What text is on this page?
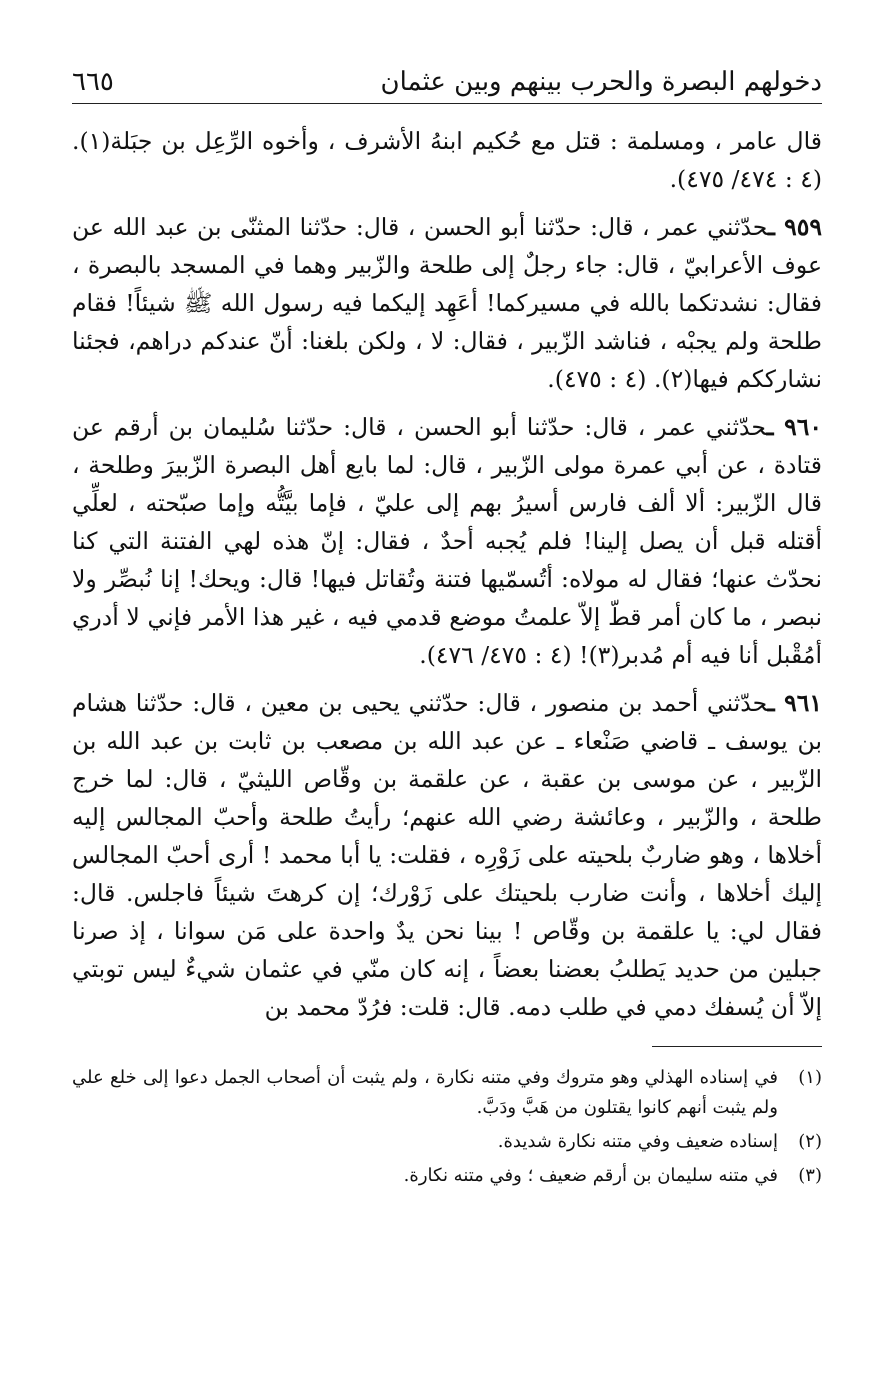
دخولهم البصرة والحرب بينهم وبين عثمان
٦٦٥

قال عامر ، ومسلمة : قتل مع حُكيم ابنهُ الأشرف ، وأخوه الرِّعِل بن جبَلة(١). (٤ : ٤٧٤/ ٤٧٥).

٩٥٩ ـحدّثني عمر ، قال: حدّثنا أبو الحسن ، قال: حدّثنا المثنّى بن عبد الله عن عوف الأعرابيّ ، قال: جاء رجلٌ إلى طلحة والزّبير وهما في المسجد بالبصرة ، فقال: نشدتكما بالله في مسيركما! أعَهِد إليكما فيه رسول الله ﷺ شيئاً! فقام طلحة ولم يجبْه ، فناشد الزّبير ، فقال: لا ، ولكن بلغنا: أنّ عندكم دراهم، فجئنا نشارككم فيها(٢). (٤ : ٤٧٥).

٩٦٠ ـحدّثني عمر ، قال: حدّثنا أبو الحسن ، قال: حدّثنا سُليمان بن أرقم عن قتادة ، عن أبي عمرة مولى الزّبير ، قال: لما بايع أهل البصرة الزّبيرَ وطلحة ، قال الزّبير: ألا ألف فارس أسيرُ بهم إلى عليّ ، فإما بيَّتُّه وإما صبّحته ، لعلِّي أقتله قبل أن يصل إلينا! فلم يُجبه أحدٌ ، فقال: إنّ هذه لهي الفتنة التي كنا نحدّث عنها؛ فقال له مولاه: أتُسمّيها فتنة وتُقاتل فيها! قال: ويحك! إنا نُبصِّر ولا نبصر ، ما كان أمر قطّ إلاّ علمتُ موضع قدمي فيه ، غير هذا الأمر فإني لا أدري أمُقْبل أنا فيه أم مُدبر(٣)! (٤ : ٤٧٥/ ٤٧٦).

٩٦١ ـحدّثني أحمد بن منصور ، قال: حدّثني يحيى بن معين ، قال: حدّثنا هشام بن يوسف ـ قاضي صَنْعاء ـ عن عبد الله بن مصعب بن ثابت بن عبد الله بن الزّبير ، عن موسى بن عقبة ، عن علقمة بن وقّاص الليثيّ ، قال: لما خرج طلحة ، والزّبير ، وعائشة رضي الله عنهم؛ رأيتُ طلحة وأحبّ المجالس إليه أخلاها ، وهو ضاربٌ بلحيته على زَوْرِه ، فقلت: يا أبا محمد ! أرى أحبّ المجالس إليك أخلاها ، وأنت ضارب بلحيتك على زَوْرك؛ إن كرهتَ شيئاً فاجلس. قال: فقال لي: يا علقمة بن وقّاص ! بينا نحن يدٌ واحدة على مَن سوانا ، إذ صرنا جبلين من حديد يَطلبُ بعضنا بعضاً ، إنه كان منّي في عثمان شيءٌ ليس توبتي إلاّ أن يُسفك دمي في طلب دمه. قال: قلت: فرُدّ محمد بن

(١)
في إسناده الهذلي وهو متروك وفي متنه نكارة ، ولم يثبت أن أصحاب الجمل دعوا إلى خلع علي ولم يثبت أنهم كانوا يقتلون من هَبَّ ودَبَّ.
(٢)
إسناده ضعيف وفي متنه نكارة شديدة.
(٣)
في متنه سليمان بن أرقم ضعيف ؛ وفي متنه نكارة.
